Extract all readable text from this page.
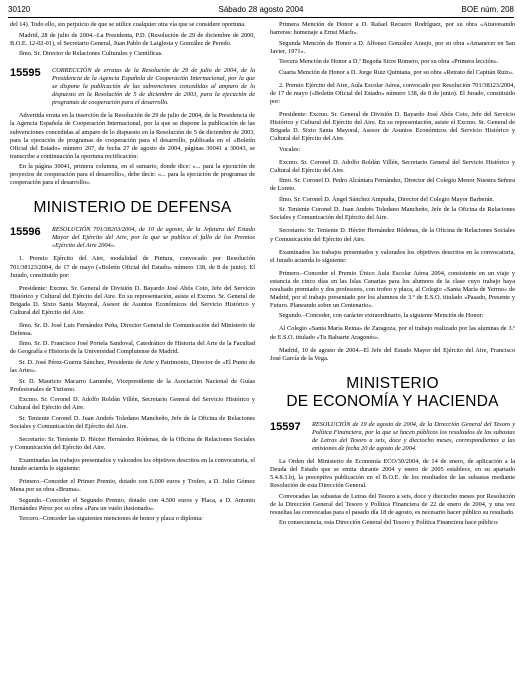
30120	Sábado 28 agosto 2004	BOE núm. 208

del 14). Todo ello, sin perjuicio de que se utilice cualquier otra vía que se considere oportuna.

Madrid, 28 de julio de 2004.–La Presidenta, P.D. (Resolución de 29 de diciembre de 2000, B.O.E. 12-02-01), el Secretario General, Juan Pablo de Laiglesia y González de Peredo.

Ilmo. Sr. Director de Relaciones Culturales y Científicas.

15595	CORRECCIÓN de erratas de la Resolución de 29 de julio de 2004, de la Presidencia de la Agencia Española de Cooperación Internacional, por la que se dispone la publicación de las subvenciones concedidas al amparo de lo dispuesto en la Resolución de 5 de diciembre de 2003, para la ejecución de programas de cooperación para el desarrollo.

Advertida errata en la inserción de la Resolución de 29 de julio de 2004, de la Presidencia de la Agencia Española de Cooperación Internacional, por la que se dispone la publicación de las subvenciones concedidas al amparo de lo dispuesto en la Resolución de 5 de diciembre de 2003, para la ejecución de programas de cooperación para el desarrollo, publicada en el «Boletín Oficial del Estado» número 207, de fecha 27 de agosto de 2004, páginas 30041 a 30043, se transcribe a continuación la oportuna rectificación:

En la página 30041, primera columna, en el sumario, donde dice: «... para la ejecución de proyectos de cooperación para el desarrollo», debe decir: «... para la ejecución de programas de cooperación para el desarrollo».

MINISTERIO DE DEFENSA
15596	RESOLUCIÓN 701/38203/2004, de 10 de agosto, de la Jefatura del Estado Mayor del Ejército del Aire, por la que se publica el fallo de los Premios «Ejército del Aire 2004».

1. Premio Ejército del Aire, modalidad de Pintura, convocado por Resolución 701/38123/2004, de 17 de mayo («Boletín Oficial del Estado» número 138, de 8 de junio). El Jurado, constituido por:

Presidente: Excmo. Sr. General de División D. Bayardo José Abós Coto, Jefe del Servicio Histórico y Cultural del Ejército del Aire. En su representación, asiste el Excmo. Sr. General de Brigada D. Sixto Santa Mayoral, Asesor de Asuntos Económicos del Servicio Histórico y Cultural del Ejército del Aire.

Ilmo. Sr. D. José Luis Fernández Peña, Director General de Comunicación del Ministerio de Defensa.

Ilmo. Sr. D. Francisco José Portela Sandoval, Catedrático de Historia del Arte de la Facultad de Geografía e Historia de la Universidad Complutense de Madrid.

Sr. D. José Pérez-Guerra Sánchez, Presidente de Arte y Patrimonio, Director de «El Punto de las Artes».

Sr. D. Mauricio Macarro Larumbe, Vicepresidente de la Asociación Nacional de Guías Profesionales de Turismo.

Excmo. Sr. Coronel D. Adolfo Roldán Villén, Secretario General del Servicio Histórico y Cultural del Ejército del Aire.

Sr. Teniente Coronel D. Juan Andrés Toledano Mancheño, Jefe de la Oficina de Relaciones Sociales y Comunicación del Ejército del Aire.

Secretario: Sr. Teniente D. Héctor Hernández Ródenas, de la Oficina de Relaciones Sociales y Comunicación del Ejército del Aire.

Examinadas las trabajos presentados y valorados los objetivos descritos en la convocatoria, el Jurado acuerda lo siguiente:

Primero.–Conceder el Primer Premio, dotado con 6.000 euros y Trofeo, a D. Julio Gómez Mena por su obra «Bruma».

Segundo.–Conceder el Segundo Premio, dotado con 4.500 euros y Placa, a D. Antonio Hernández Pérez por su obra «Para un vuelo ilusionado».

Tercero.–Conceder las siguientes menciones de honor y placa o diploma:

Primera Mención de Honor a D. Rafael Recuero Rodríguez, por su obra «Atravesando barreras: homenaje a Ernst Mach».

Segunda Mención de Honor a D. Alfonso González Araujo, por su obra «Amanecer en San Javier, 1971».

Tercera Mención de Honor a D.ª Begoña Sicre Romero, por su obra «Primera lección».

Cuarta Mención de Honor a D. Jorge Ruiz Quintana, por su obra «Retrato del Capitán Ruiz».

2. Premio Ejército del Aire, Aula Escolar Aérea, convocado por Resolución 701/38123/2004, de 17 de mayo («Boletín Oficial del Estado» número 138, de 8 de junio). El Jurado, constituido por:

Presidente: Excmo. Sr. General de División D. Bayardo José Abós Coto, Jefe del Servicio Histórico y Cultural del Ejército del Aire. En su representación, asiste el Excmo. Sr. General de Brigada D. Sixto Santa Mayoral, Asesor de Asuntos Económicos del Servicio Histórico y Cultural del Ejército del Aire.

Vocales:

Excmo. Sr. Coronel D. Adolfo Roldán Villén, Secretario General del Servicio Histórico y Cultural del Ejército del Aire.

Ilmo. Sr. Coronel D. Pedro Alcántara Fernández, Director del Colegio Menor Nuestra Señora de Loreto.

Ilmo. Sr. Coronel D. Ángel Sánchez Ampudia, Director del Colegio Mayor Barberán.

Sr. Teniente Coronel D. Juan Andrés Toledano Mancheño, Jefe de la Oficina de Relaciones Sociales y Comunicación del Ejército del Aire.

Secretario: Sr. Teniente D. Héctor Hernández Ródenas, de la Oficina de Relaciones Sociales y Comunicación del Ejército del Aire.

Examinados los trabajos presentados y valorados los objetivos descritos en la convocatoria, el Jurado acuerda lo siguiente:

Primero.–Conceder el Premio Único Aula Escolar Aérea 2004, consistente en un viaje y estancia de cinco días en las Islas Canarias para los alumnos de la clase cuyo trabajo haya resultado premiado y dos profesores, con trofeo y placa, al Colegio «Santa María de Yermo» de Madrid, por el trabajo presentado por los alumnos de 3.º de E.S.O. titulado «Pasado, Presente y Futuro. Planeando sobre un Centenario».

Segundo.–Conceder, con carácter extraordinario, la siguiente Mención de Honor:

Al Colegio «Santa María Reina» de Zaragoza, por el trabajo realizado por las alumnas de 3.º de E.S.O. titulado «Tu Baluarte Aragonés».

Madrid, 10 de agosto de 2004.–El Jefe del Estado Mayor del Ejército del Aire, Francisco José García de la Vega.

MINISTERIO
DE ECONOMÍA Y HACIENDA
15597	RESOLUCIÓN de 19 de agosto de 2004, de la Dirección General del Tesoro y Política Financiera, por la que se hacen públicos los resultados de las subastas de Letras del Tesoro a seis, doce y dieciocho meses, correspondientes a las emisiones de fecha 20 de agosto de 2004.

La Orden del Ministerio de Economía ECO/30/2004, de 14 de enero, de aplicación a la Deuda del Estado que se emita durante 2004 y enero de 2005 establece, en su apartado 5.4.8.3.b), la preceptiva publicación en el B.O.E. de los resultados de las subastas mediante Resolución de esta Dirección General.

Convocadas las subastas de Letras del Tesoro a seis, doce y dieciocho meses por Resolución de la Dirección General del Tesoro y Política Financiera de 22 de enero de 2004, y una vez resueltas las convocadas para el pasado día 18 de agosto, es necesario hacer público su resultado.

En consecuencia, esta Dirección General del Tesoro y Política Financiera hace público:
